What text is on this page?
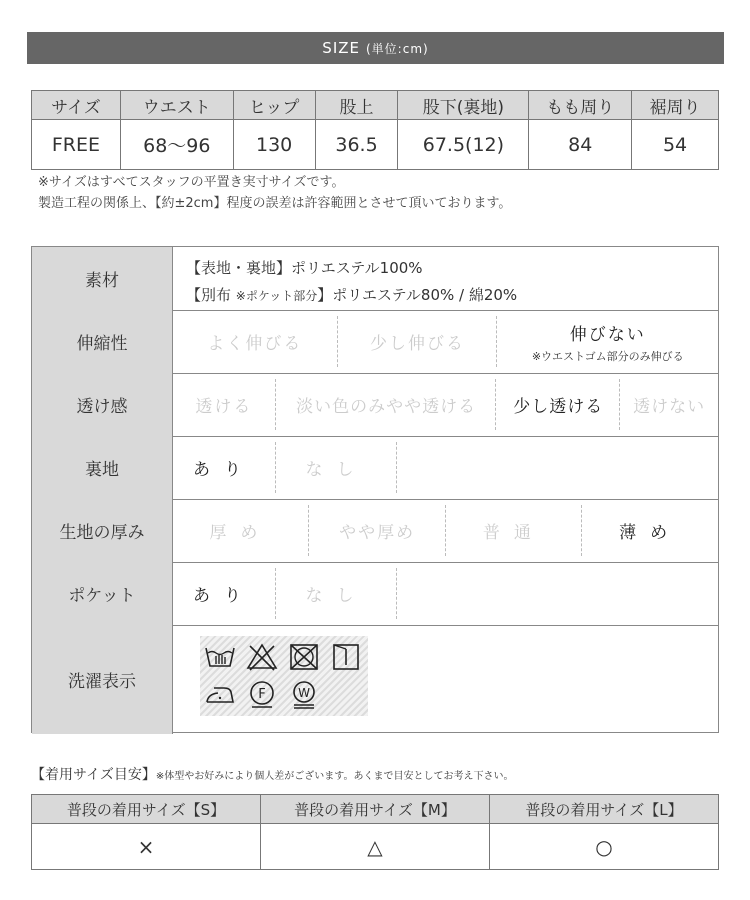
SIZE (単位:cm)
サイズ	ウエスト	ヒップ	股上	股下(裏地)	もも周り	裾周り
FREE	68〜96	130	36.5	67.5(12)	84	54
※サイズはすべてスタッフの平置き実寸サイズです。
製造工程の関係上、【約±2cm】程度の誤差は許容範囲とさせて頂いております。
素材
【表地・裏地】ポリエステル100%
【別布 ※ポケット部分】ポリエステル80% / 綿20%
伸縮性	よく伸びる	少し伸びる	伸びない
※ウエストゴム部分のみ伸びる
透け感	透ける	淡い色のみやや透ける	少し透ける	透けない
裏地	あり	なし
生地の厚み	厚め	やや厚め	普通	薄め
ポケット	あり	なし
洗濯表示
F	W
【着用サイズ目安】※体型やお好みにより個人差がございます。あくまで目安としてお考え下さい。
普段の着用サイズ【S】	普段の着用サイズ【M】	普段の着用サイズ【L】
×	△	○
